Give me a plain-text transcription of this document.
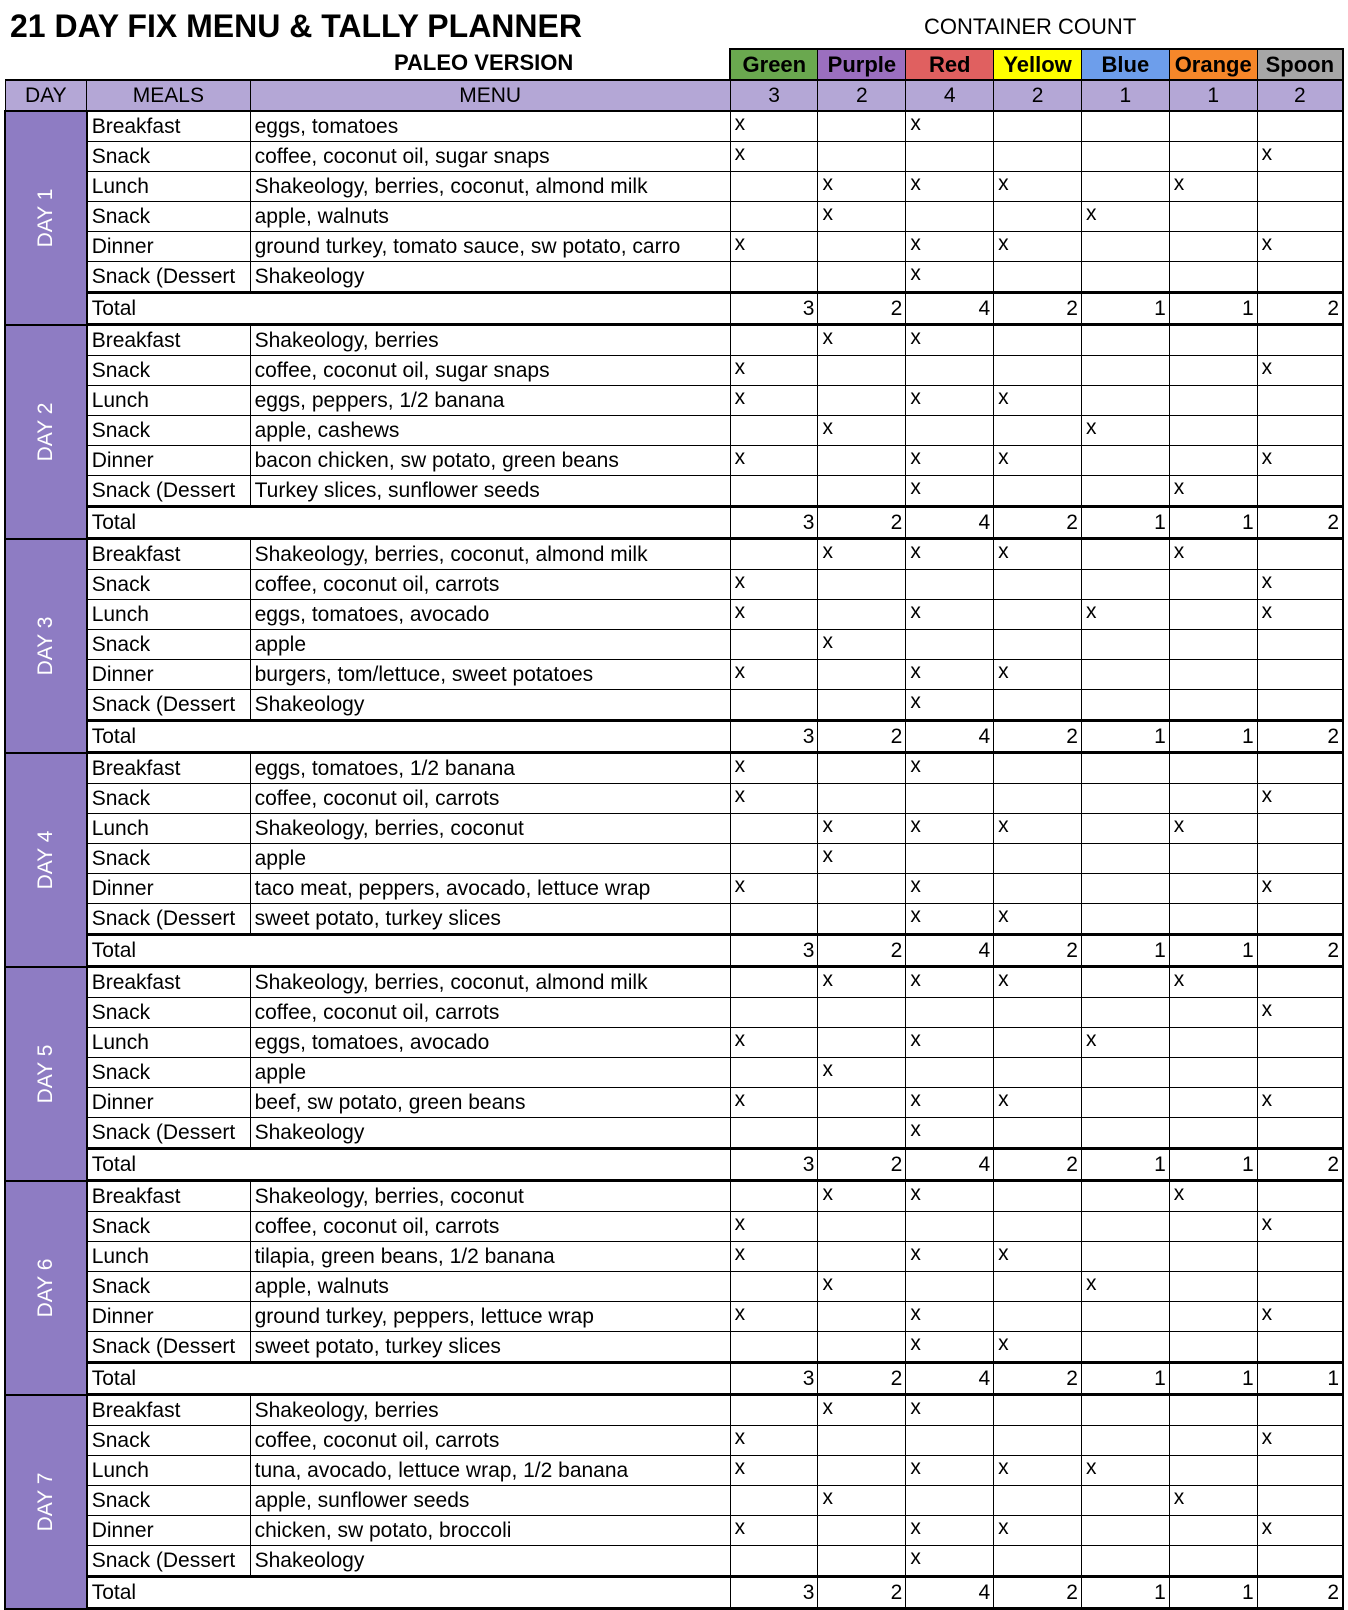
21 DAY FIX MENU & TALLY PLANNER
PALEO VERSION
CONTAINER COUNT
			Green	Purple	Red	Yellow	Blue	Orange	Spoon
DAY	MEALS	MENU	3	2	4	2	1	1	2

DAY 1	Breakfast	eggs, tomatoes	x		x				
	Snack	coffee, coconut oil, sugar snaps	x						x
	Lunch	Shakeology, berries, coconut, almond milk		x	x	x		x	
	Snack	apple, walnuts		x			x		
	Dinner	ground turkey, tomato sauce, sw potato, carro	x		x	x			x
	Snack (Dessert	Shakeology			x				
	Total		3	2	4	2	1	1	2

DAY 2	Breakfast	Shakeology, berries		x	x				
	Snack	coffee, coconut oil, sugar snaps	x						x
	Lunch	eggs, peppers, 1/2 banana	x		x	x			
	Snack	apple, cashews		x			x		
	Dinner	bacon chicken, sw potato, green beans	x		x	x			x
	Snack (Dessert	Turkey slices, sunflower seeds			x			x	
	Total		3	2	4	2	1	1	2

DAY 3	Breakfast	Shakeology, berries, coconut, almond milk		x	x	x		x	
	Snack	coffee, coconut oil, carrots	x						x
	Lunch	eggs, tomatoes, avocado	x		x		x		x
	Snack	apple		x					
	Dinner	burgers, tom/lettuce, sweet potatoes	x		x	x			
	Snack (Dessert	Shakeology			x				
	Total		3	2	4	2	1	1	2

DAY 4	Breakfast	eggs, tomatoes, 1/2 banana	x		x				
	Snack	coffee, coconut oil, carrots	x						x
	Lunch	Shakeology, berries, coconut		x	x	x		x	
	Snack	apple		x					
	Dinner	taco meat, peppers, avocado, lettuce wrap	x		x				x
	Snack (Dessert	sweet potato, turkey slices			x	x			
	Total		3	2	4	2	1	1	2

DAY 5	Breakfast	Shakeology, berries, coconut, almond milk		x	x	x		x	
	Snack	coffee, coconut oil, carrots							x
	Lunch	eggs, tomatoes, avocado	x		x		x		
	Snack	apple		x					
	Dinner	beef, sw potato, green beans	x		x	x			x
	Snack (Dessert	Shakeology			x				
	Total		3	2	4	2	1	1	2

DAY 6	Breakfast	Shakeology, berries, coconut		x	x			x	
	Snack	coffee, coconut oil, carrots	x						x
	Lunch	tilapia, green beans, 1/2 banana	x		x	x			
	Snack	apple, walnuts		x			x		
	Dinner	ground turkey, peppers, lettuce wrap	x		x				x
	Snack (Dessert	sweet potato, turkey slices			x	x			
	Total		3	2	4	2	1	1	1

DAY 7	Breakfast	Shakeology, berries		x	x				
	Snack	coffee, coconut oil, carrots	x						x
	Lunch	tuna, avocado, lettuce wrap, 1/2 banana	x		x	x	x		
	Snack	apple, sunflower seeds		x				x	
	Dinner	chicken, sw potato, broccoli	x		x	x			x
	Snack (Dessert	Shakeology			x				
	Total		3	2	4	2	1	1	2
